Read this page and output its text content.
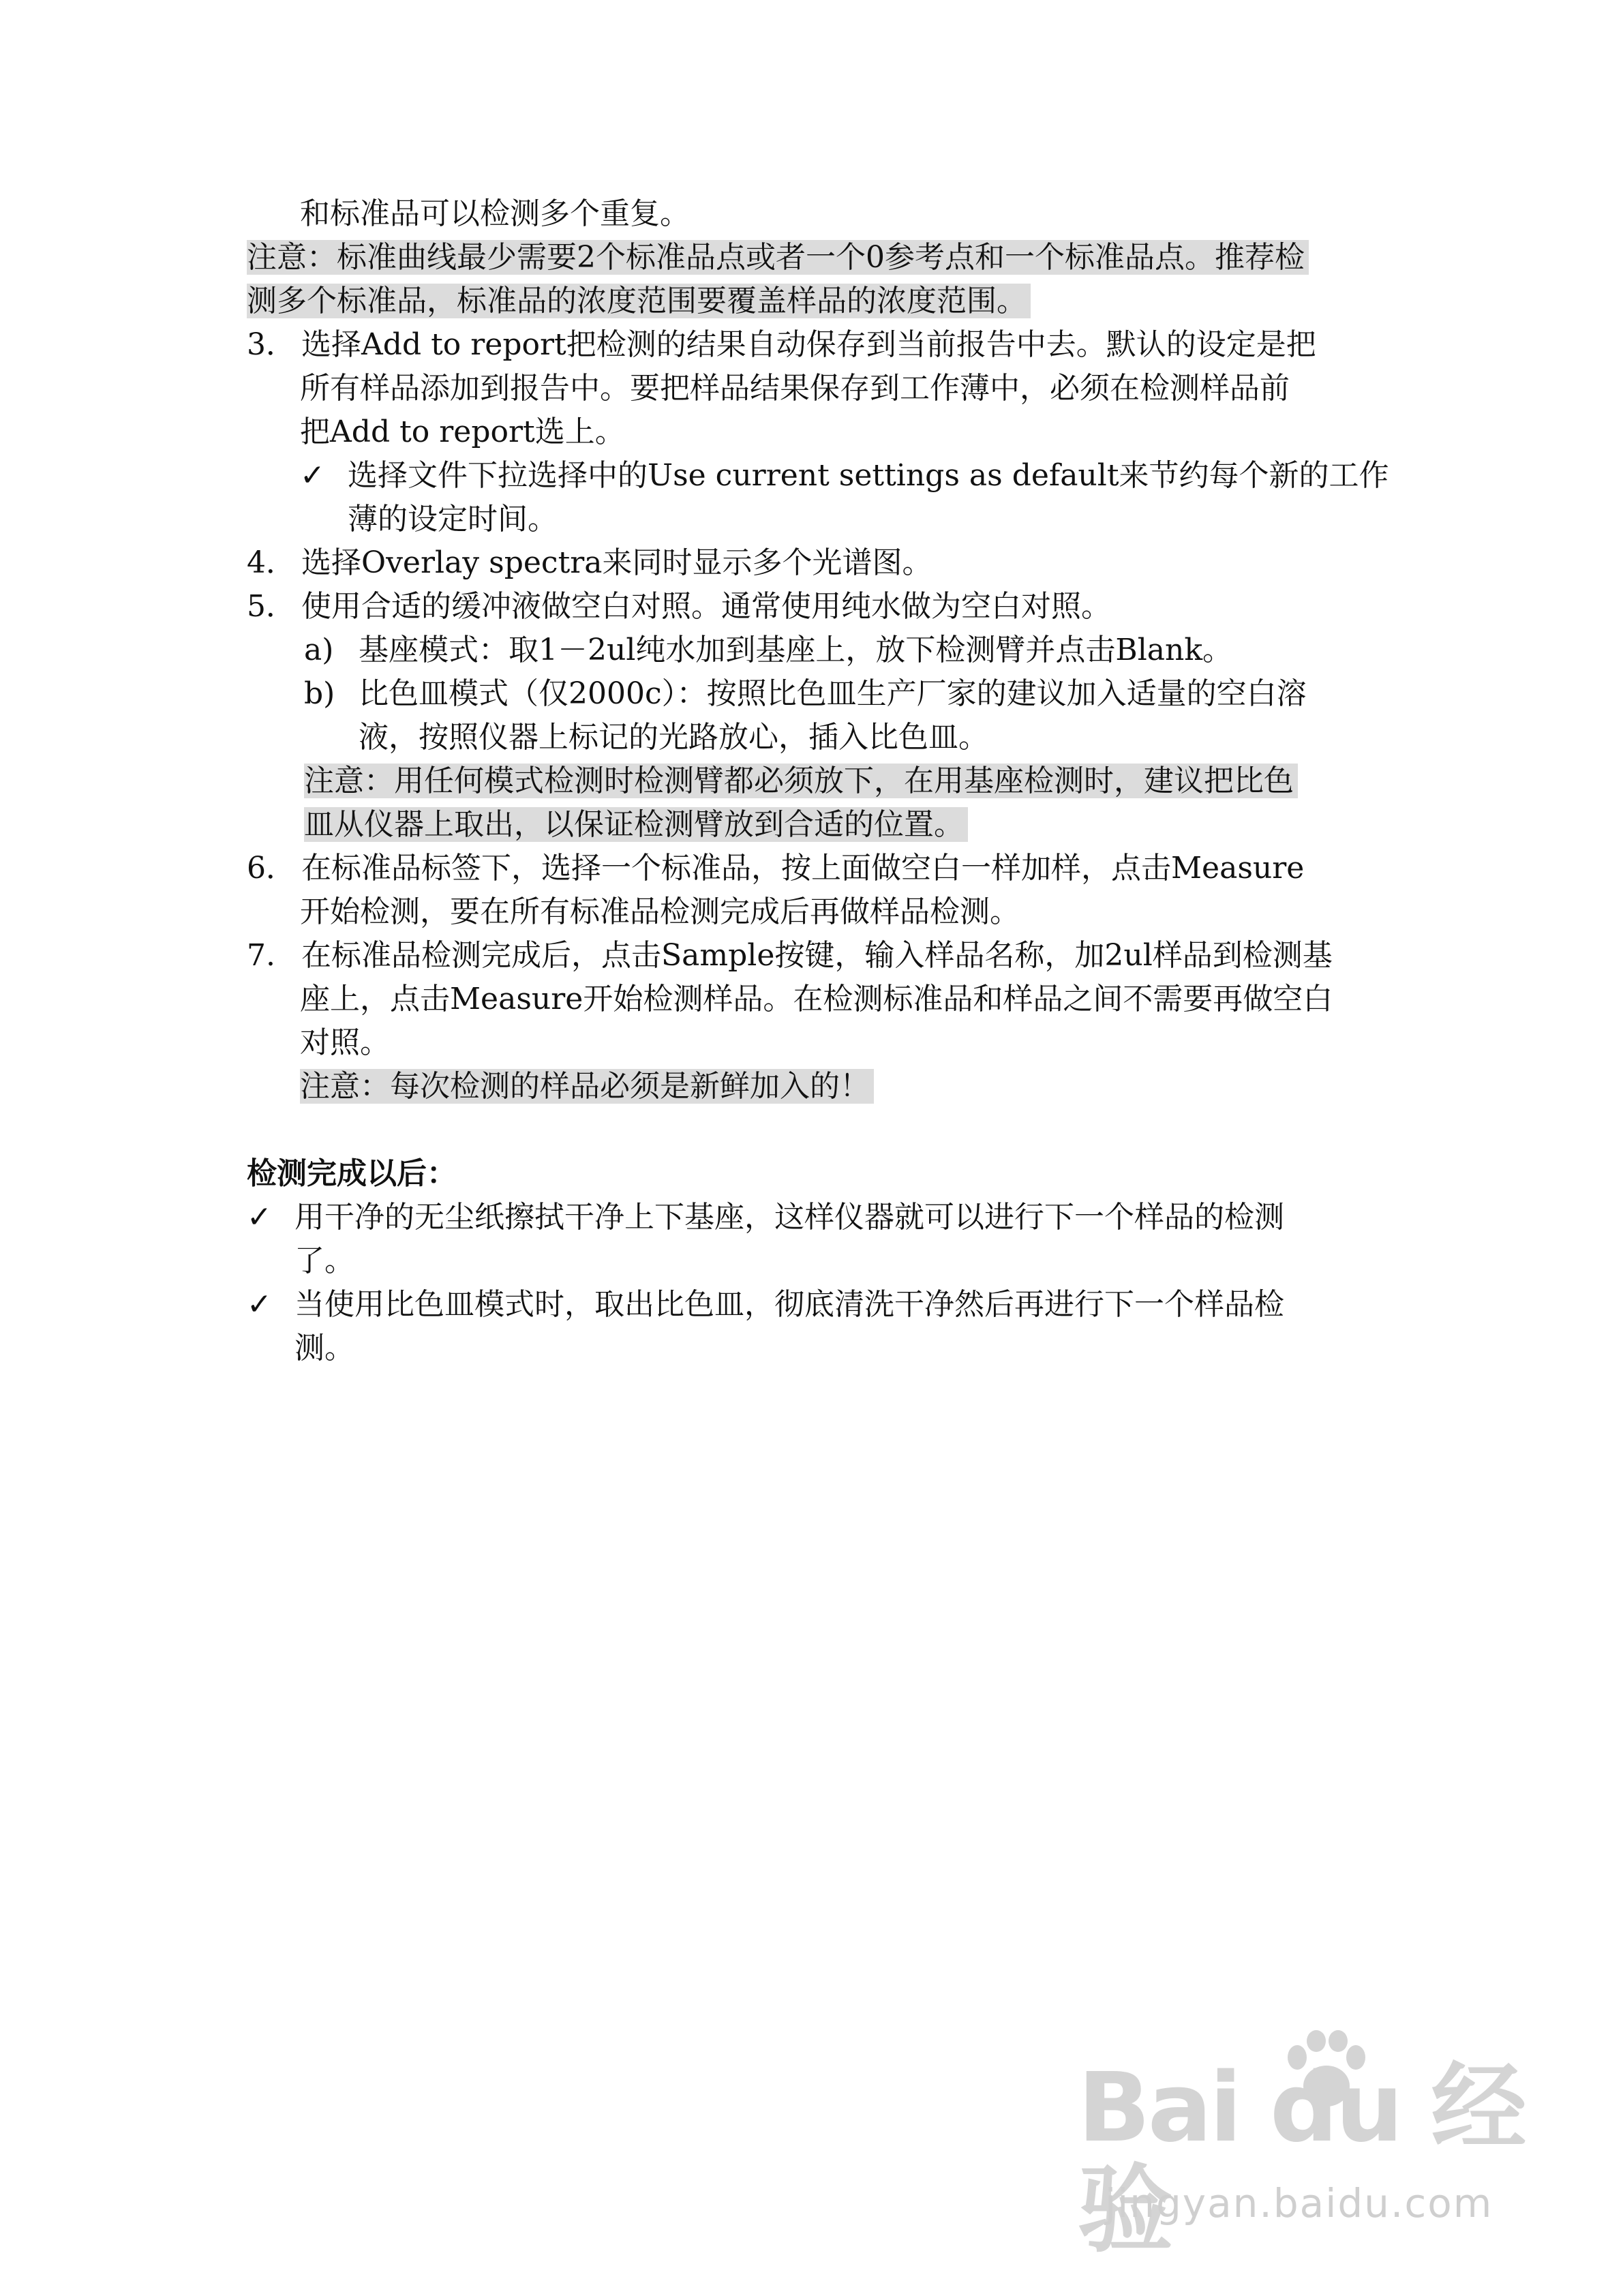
和标准品可以检测多个重复。
注意：标准曲线最少需要2个标准品点或者一个0参考点和一个标准品点。推荐检
测多个标准品，标准品的浓度范围要覆盖样品的浓度范围。
3． 选择Add to report把检测的结果自动保存到当前报告中去。默认的设定是把
所有样品添加到报告中。要把样品结果保存到工作薄中，必须在检测样品前
把Add to report选上。
✓ 选择文件下拉选择中的Use current settings as default来节约每个新的工作
薄的设定时间。
4． 选择Overlay spectra来同时显示多个光谱图。
5． 使用合适的缓冲液做空白对照。通常使用纯水做为空白对照。
a) 基座模式：取1－2ul纯水加到基座上，放下检测臂并点击Blank。
b) 比色皿模式（仅2000c）：按照比色皿生产厂家的建议加入适量的空白溶
液，按照仪器上标记的光路放心，插入比色皿。
注意：用任何模式检测时检测臂都必须放下，在用基座检测时，建议把比色
皿从仪器上取出，以保证检测臂放到合适的位置。
6． 在标准品标签下，选择一个标准品，按上面做空白一样加样，点击Measure
开始检测，要在所有标准品检测完成后再做样品检测。
7. 在标准品检测完成后，点击Sample按键，输入样品名称，加2ul样品到检测基
座上，点击Measure开始检测样品。在检测标准品和样品之间不需要再做空白
对照。
注意：每次检测的样品必须是新鲜加入的！
检测完成以后：
✓ 用干净的无尘纸擦拭干净上下基座，这样仪器就可以进行下一个样品的检测
了。
✓ 当使用比色皿模式时，取出比色皿，彻底清洗干净然后再进行下一个样品检
测。
Bai du 经验
jingyan.baidu.com
